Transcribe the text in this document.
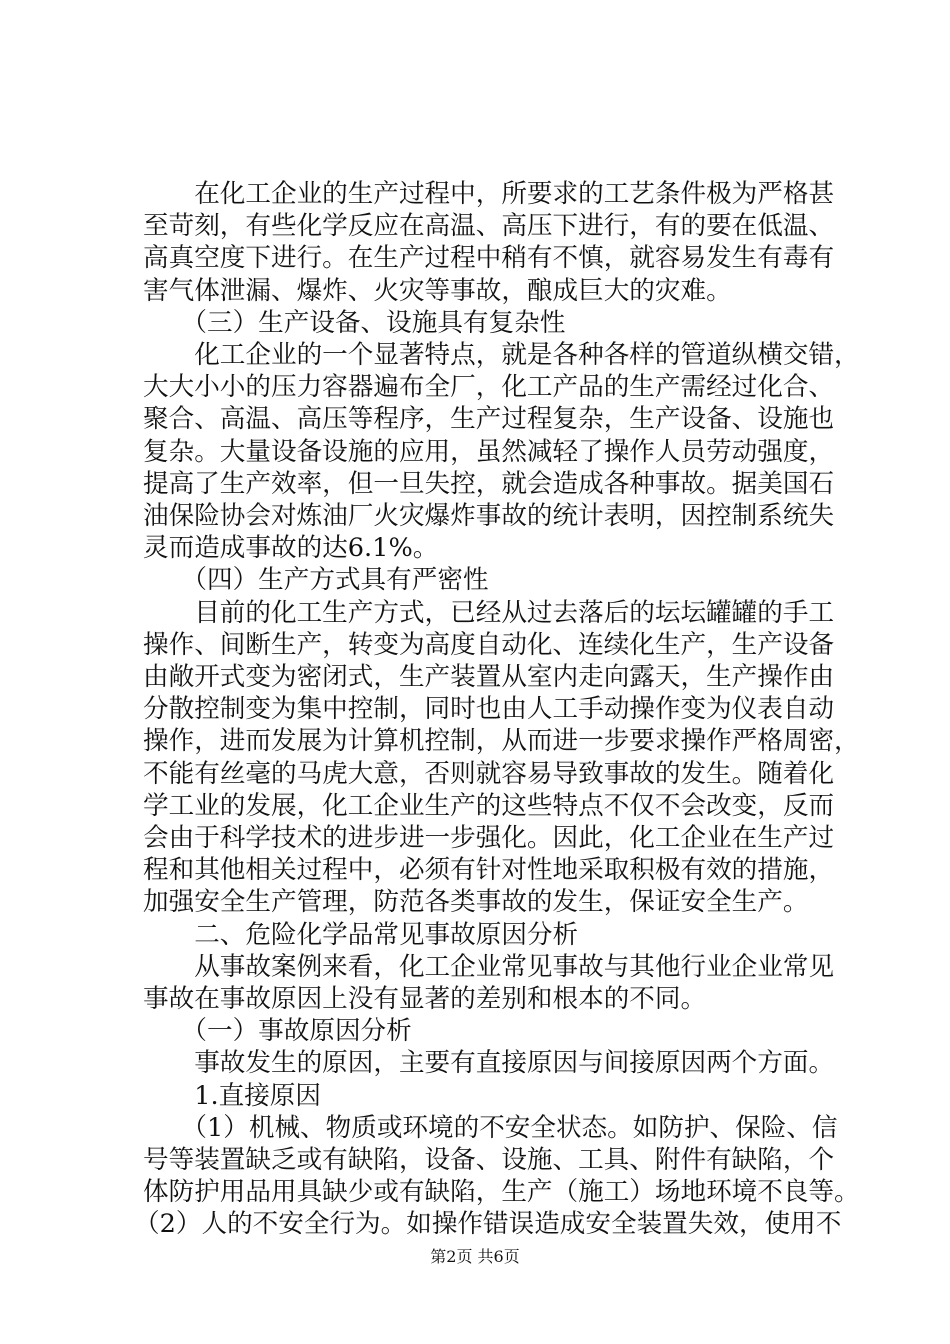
　　在化工企业的生产过程中，所要求的工艺条件极为严格甚
至苛刻，有些化学反应在高温、高压下进行，有的要在低温、
高真空度下进行。在生产过程中稍有不慎，就容易发生有毒有
害气体泄漏、爆炸、火灾等事故，酿成巨大的灾难。
　　（三）生产设备、设施具有复杂性
　　化工企业的一个显著特点，就是各种各样的管道纵横交错，
大大小小的压力容器遍布全厂，化工产品的生产需经过化合、
聚合、高温、高压等程序，生产过程复杂，生产设备、设施也
复杂。大量设备设施的应用，虽然减轻了操作人员劳动强度，
提高了生产效率，但一旦失控，就会造成各种事故。据美国石
油保险协会对炼油厂火灾爆炸事故的统计表明，因控制系统失
灵而造成事故的达6.1%。
　　（四）生产方式具有严密性
　　目前的化工生产方式，已经从过去落后的坛坛罐罐的手工
操作、间断生产，转变为高度自动化、连续化生产，生产设备
由敞开式变为密闭式，生产装置从室内走向露天，生产操作由
分散控制变为集中控制，同时也由人工手动操作变为仪表自动
操作，进而发展为计算机控制，从而进一步要求操作严格周密，
不能有丝毫的马虎大意，否则就容易导致事故的发生。随着化
学工业的发展，化工企业生产的这些特点不仅不会改变，反而
会由于科学技术的进步进一步强化。因此，化工企业在生产过
程和其他相关过程中，必须有针对性地采取积极有效的措施，
加强安全生产管理，防范各类事故的发生，保证安全生产。
　　二、危险化学品常见事故原因分析
　　从事故案例来看，化工企业常见事故与其他行业企业常见
事故在事故原因上没有显著的差别和根本的不同。
　　（一）事故原因分析
　　事故发生的原因，主要有直接原因与间接原因两个方面。
　　1.直接原因
　　（1）机械、物质或环境的不安全状态。如防护、保险、信
号等装置缺乏或有缺陷，设备、设施、工具、附件有缺陷，个
体防护用品用具缺少或有缺陷，生产（施工）场地环境不良等。
（2）人的不安全行为。如操作错误造成安全装置失效，使用不
第2页 共6页
